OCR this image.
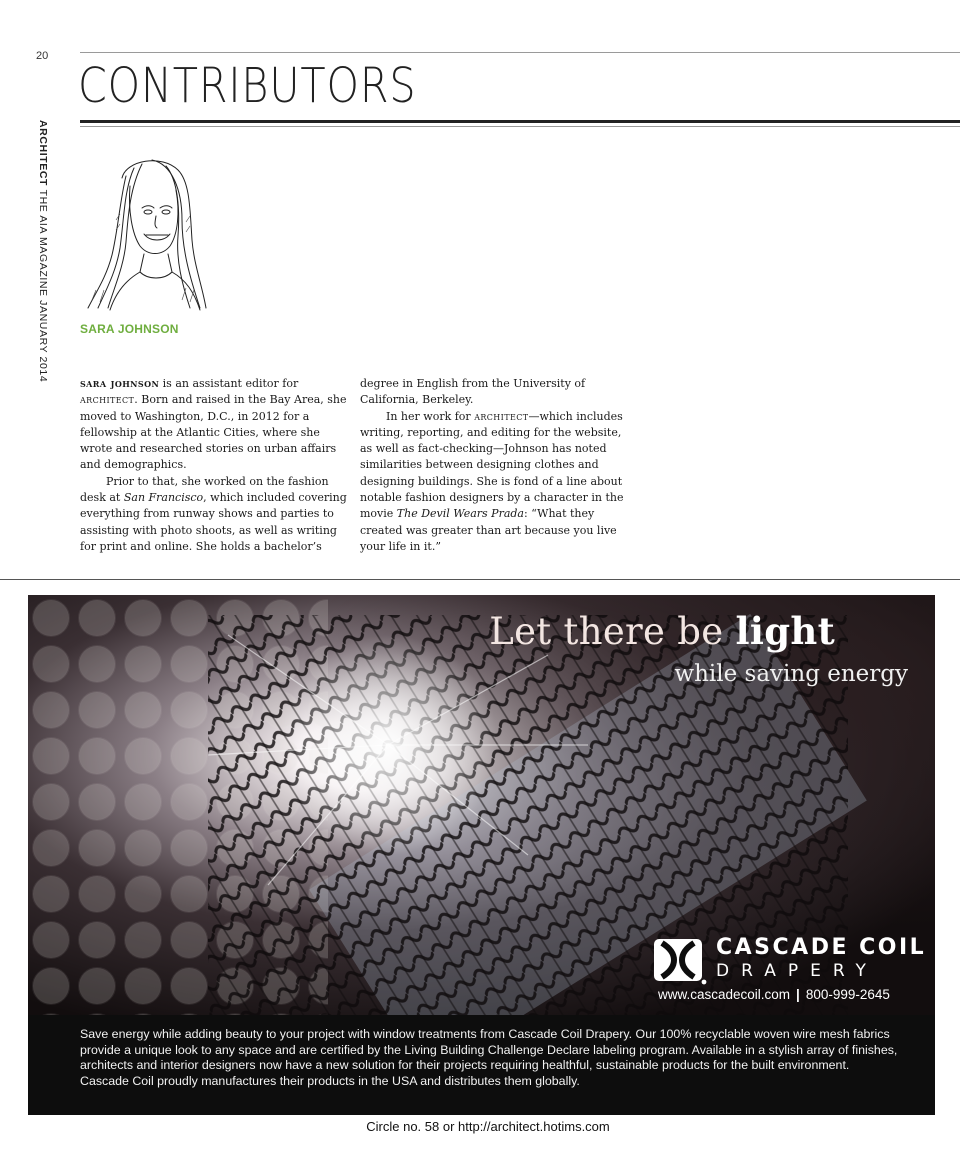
20
CONTRIBUTORS
ARCHITECT THE AIA MAGAZINE JANUARY 2014	SARA JOHNSON

sara johnson is an assistant editor for architect. Born and raised in the Bay Area, she moved to Washington, D.C., in 2012 for a fellowship at the Atlantic Cities, where she wrote and researched stories on urban affairs and demographics.

Prior to that, she worked on the fashion desk at San Francisco, which included covering everything from runway shows and parties to assisting with photo shoots, as well as writing for print and online. She holds a bachelor’s

degree in English from the University of California, Berkeley.

In her work for architect—which includes writing, reporting, and editing for the website, as well as fact-checking—Johnson has noted similarities between designing clothes and designing buildings. She is fond of a line about notable fashion designers by a character in the movie The Devil Wears Prada: “What they created was greater than art because you live your life in it.”

Let there be light
while saving energy
CASCADE COIL
DRAPERY
www.cascadecoil.com | 800-999-2645
Save energy while adding beauty to your project with window treatments from Cascade Coil Drapery. Our 100% recyclable woven wire mesh fabrics provide a unique look to any space and are certified by the Living Building Challenge Declare labeling program. Available in a stylish array of finishes, architects and interior designers now have a new solution for their projects requiring healthful, sustainable products for the built environment. Cascade Coil proudly manufactures their products in the USA and distributes them globally.
Circle no. 58 or http://architect.hotims.com
